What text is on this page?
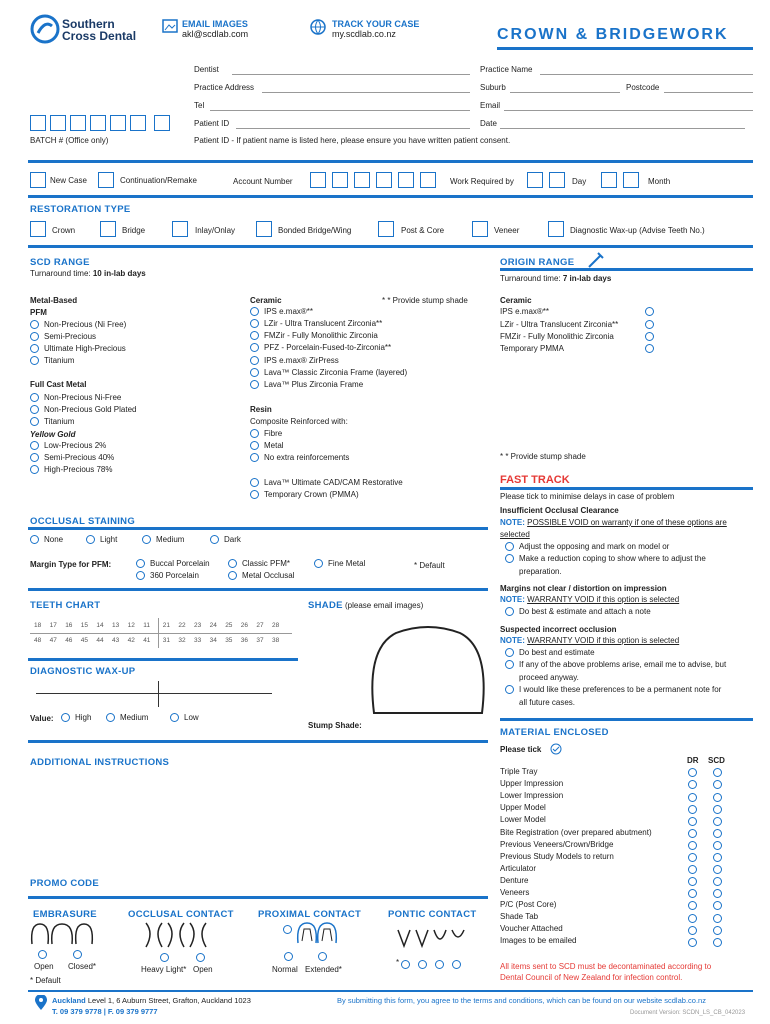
Southern
Cross Dental
EMAIL IMAGES
akl@scdlab.com
TRACK YOUR CASE
my.scdlab.co.nz	CROWN & BRIDGEWORK
Dentist	Practice Name
Practice Address	Suburb	Postcode
Tel	Email
Patient ID	Date
BATCH # (Office only)	Patient ID - If patient name is listed here, please ensure you have written patient consent.
New Case	Continuation/Remake	Account Number	Work Required by	Day	Month
RESTORATION TYPE
Crown	Bridge	Inlay/Onlay	Bonded Bridge/Wing	Post & Core	Veneer	Diagnostic Wax-up (Advise Teeth No.)
SCD RANGE
Turnaround time: 10 in-lab days
Metal-Based
PFM
Non-Precious (Ni Free)
Semi-Precious
Ultimate High-Precious
Titanium
Full Cast Metal
Non-Precious Ni-Free
Non-Precious Gold Plated
Titanium
Yellow Gold
Low-Precious 2%
Semi-Precious 40%
High-Precious 78%
Ceramic	* * Provide stump shade
IPS e.max®**
LZir - Ultra Translucent Zirconia**
FMZir - Fully Monolithic Zirconia
PFZ - Porcelain-Fused-to-Zirconia**
IPS e.max® ZirPress
Lava™ Classic Zirconia Frame (layered)
Lava™ Plus Zirconia Frame
Resin
Composite Reinforced with:
Fibre
Metal
No extra reinforcements
Lava™ Ultimate CAD/CAM Restorative
Temporary Crown (PMMA)
ORIGIN RANGE
Turnaround time: 7 in-lab days
Ceramic
IPS e.max®**
LZir - Ultra Translucent Zirconia**
FMZir - Fully Monolithic Zirconia
Temporary PMMA
* * Provide stump shade
FAST TRACK
Please tick to minimise delays in case of problem
Insufficient Occlusal Clearance
NOTE: POSSIBLE VOID on warranty if one of these options are
selected
Adjust the opposing and mark on model or
Make a reduction coping to show where to adjust the
preparation.
Margins not clear / distortion on impression
NOTE: WARRANTY VOID if this option is selected
Do best & estimate and attach a note
Suspected incorrect occlusion
NOTE: WARRANTY VOID if this option is selected
Do best and estimate
If any of the above problems arise, email me to advise, but
proceed anyway.
I would like these preferences to be a permanent note for
all future cases.
OCCLUSAL STAINING
None	Light	Medium	Dark
Margin Type for PFM:	Buccal Porcelain
360 Porcelain
Classic PFM*
Metal Occlusal
Fine Metal	* Default
TEETH CHART
18 17 16 15 14 13 12 11 21 22 23 24 25 26 27 28
48 47 46 45 44 43 42 41 31 32 33 34 35 36 37 38
SHADE (please email images)
Stump Shade:
DIAGNOSTIC WAX-UP
Value:	High	Medium	Low
ADDITIONAL INSTRUCTIONS
PROMO CODE
EMBRASURE
Open Closed*
* Default
OCCLUSAL CONTACT
Heavy Light* Open
PROXIMAL CONTACT
Normal Extended*
PONTIC CONTACT
*
MATERIAL ENCLOSED
Please tick
DR SCD
Triple Tray
Upper Impression
Lower Impression
Upper Model
Lower Model
Bite Registration (over prepared abutment)
Previous Veneers/Crown/Bridge
Previous Study Models to return
Articulator
Denture
Veneers
P/C (Post Core)
Shade Tab
Voucher Attached
Images to be emailed
All items sent to SCD must be decontaminated according to
Dental Council of New Zealand for infection control.
Auckland Level 1, 6 Auburn Street, Grafton, Auckland 1023
T. 09 379 9778 | F. 09 379 9777
By submitting this form, you agree to the terms and conditions, which can be found on our website scdlab.co.nz
Document Version: SCDN_LS_CB_042023
